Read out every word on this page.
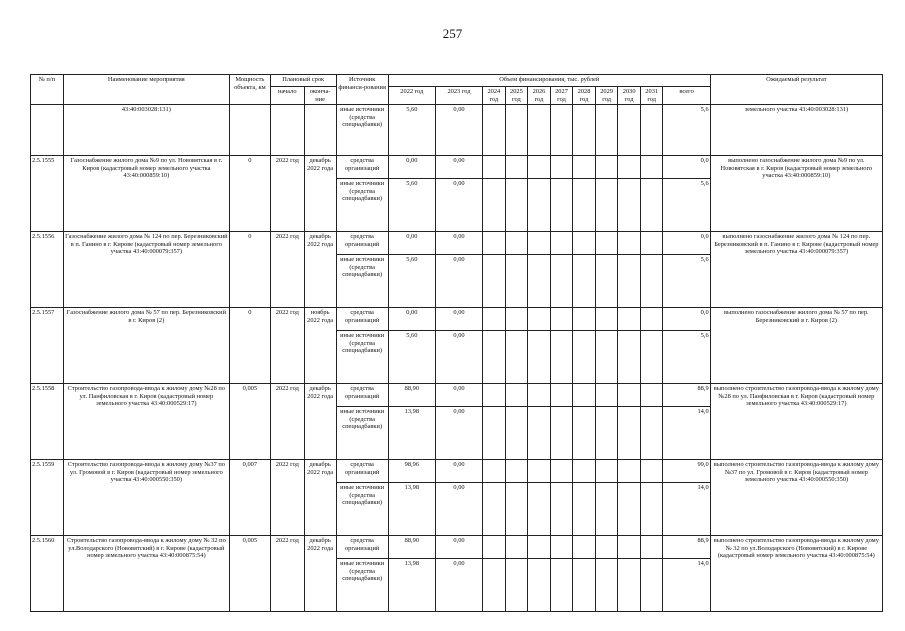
257
№ п/п	Наименование мероприятия	Мощность объекта, км	Плановый срок		Источник финанси-рования	Объем финансирования, тыс. рублей											Ожидаемый результат
			начало	оконча-ние		2022 год	2023 год	2024 год	2025 год	2026 год	2027 год	2028 год	2029 год	2030 год	2031 год	всего	
	43:40:003028:131)				иные источники (средства спецнадбавки)	5,60	0,00									5,6	земельного участка 43:40:003028:131)
2.5.1555	Газоснабжение жилого дома №9 по ул. Нововятская в г. Киров (кадастровый номер земельного участка 43:40:000859:10)	0	2022 год	декабрь 2022 года	средства организаций	0,00	0,00									0,0	выполнено газоснабжение жилого дома №9 по ул. Нововятская в г. Киров (кадастровый номер земельного участка 43:40:000859:10)
					иные источники (средства спецнадбавки)	5,60	0,00									5,6	
2.5.1556	Газоснабжение жилого дома № 124 по пер. Березниковский в п. Ганино в г. Кирове (кадастровый номер земельного участка 43:40:000079:357)	0	2022 год	декабрь 2022 года	средства организаций	0,00	0,00									0,0	выполнено газоснабжение жилого дома № 124 по пер. Березниковский в п. Ганино в г. Кирове (кадастровый номер земельного участка 43:40:000079:357)
					иные источники (средства спецнадбавки)	5,60	0,00									5,6	
2.5.1557	Газоснабжение жилого дома № 57 по пер. Березниковский в г. Киров (2)	0	2022 год	ноябрь 2022 года	средства организаций	0,00	0,00									0,0	выполнено газоснабжение жилого дома № 57 по пер. Березниковский в г. Киров (2)
					иные источники (средства спецнадбавки)	5,60	0,00									5,6	
2.5.1558	Строительство газопровода-ввода к жилому дому №28 по ул. Панфиловская в г. Киров (кадастровый номер земельного участка 43:40:000529:17)	0,005	2022 год	декабрь 2022 года	средства организаций	88,90	0,00									88,9	выполнено строительство газопровода-ввода к жилому дому №28 по ул. Панфиловская в г. Киров (кадастровый номер земельного участка 43:40:000529:17)
					иные источники (средства спецнадбавки)	13,98	0,00									14,0	
2.5.1559	Строительство газопровода-ввода к жилому дому №37 по ул. Громовой в г. Киров (кадастровый номер земельного участка 43:40:000550:350)	0,007	2022 год	декабрь 2022 года	средства организаций	98,96	0,00									99,0	выполнено строительство газопровода-ввода к жилому дому №37 по ул. Громовой в г. Киров (кадастровый номер земельного участка 43:40:000550:350)
					иные источники (средства спецнадбавки)	13,98	0,00									14,0	
2.5.1560	Строительство газопровода-ввода к жилому дому № 32 по ул.Володарского (Нововятский) в г. Кирове (кадастровый номер земельного участка 43:40:000875:54)	0,005	2022 год	декабрь 2022 года	средства организаций	88,90	0,00									88,9	выполнено строительство газопровода-ввода к жилому дому № 32 по ул.Володарского (Нововятский) в г. Кирове (кадастровый номер земельного участка 43:40:000875:54)
					иные источники (средства спецнадбавки)	13,98	0,00									14,0	
